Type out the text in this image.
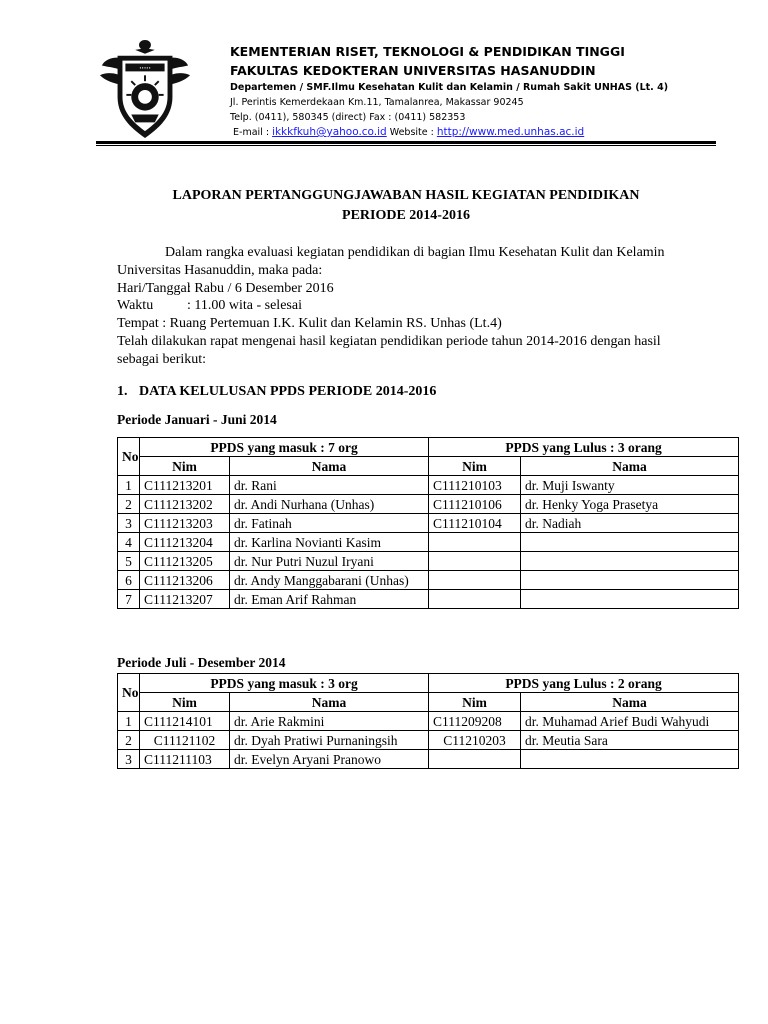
•••••
KEMENTERIAN RISET, TEKNOLOGI & PENDIDIKAN TINGGI
FAKULTAS KEDOKTERAN UNIVERSITAS HASANUDDIN
Departemen / SMF.Ilmu Kesehatan Kulit dan Kelamin / Rumah Sakit UNHAS (Lt. 4)
Jl. Perintis Kemerdekaan Km.11, Tamalanrea, Makassar 90245
Telp. (0411), 580345 (direct) Fax : (0411) 582353
E-mail : ikkkfkuh@yahoo.co.id Website : http://www.med.unhas.ac.id
LAPORAN PERTANGGUNGJAWABAN HASIL KEGIATAN PENDIDIKAN
PERIODE 2014-2016
Dalam rangka evaluasi kegiatan pendidikan di bagian Ilmu Kesehatan Kulit dan Kelamin Universitas Hasanuddin, maka pada:
Hari/Tanggal
: Rabu / 6 Desember 2016
Waktu	: 11.00 wita - selesai
Tempat : Ruang Pertemuan I.K. Kulit dan Kelamin RS. Unhas (Lt.4)
Telah dilakukan rapat mengenai hasil kegiatan pendidikan periode tahun 2014-2016 dengan hasil sebagai berikut:
1. DATA KELULUSAN PPDS PERIODE 2014-2016
Periode Januari - Juni 2014
No	PPDS yang masuk : 7 org		PPDS yang Lulus : 3 orang	
	Nim	Nama	Nim	Nama
1	C111213201	dr. Rani	C111210103	dr. Muji Iswanty
2	C111213202	dr. Andi Nurhana (Unhas)	C111210106	dr. Henky Yoga Prasetya
3	C111213203	dr. Fatinah	C111210104	dr. Nadiah
4	C111213204	dr. Karlina Novianti Kasim		
5	C111213205	dr. Nur Putri Nuzul Iryani		
6	C111213206	dr. Andy Manggabarani (Unhas)		
7	C111213207	dr. Eman Arif Rahman		
Periode Juli - Desember 2014
No	PPDS yang masuk : 3 org		PPDS yang Lulus : 2 orang	
	Nim	Nama	Nim	Nama
1	C111214101	dr. Arie Rakmini	C111209208	dr. Muhamad Arief Budi Wahyudi
2	C11121102	dr. Dyah Pratiwi Purnaningsih	C11210203	dr. Meutia Sara
3	C111211103	dr. Evelyn Aryani Pranowo		
